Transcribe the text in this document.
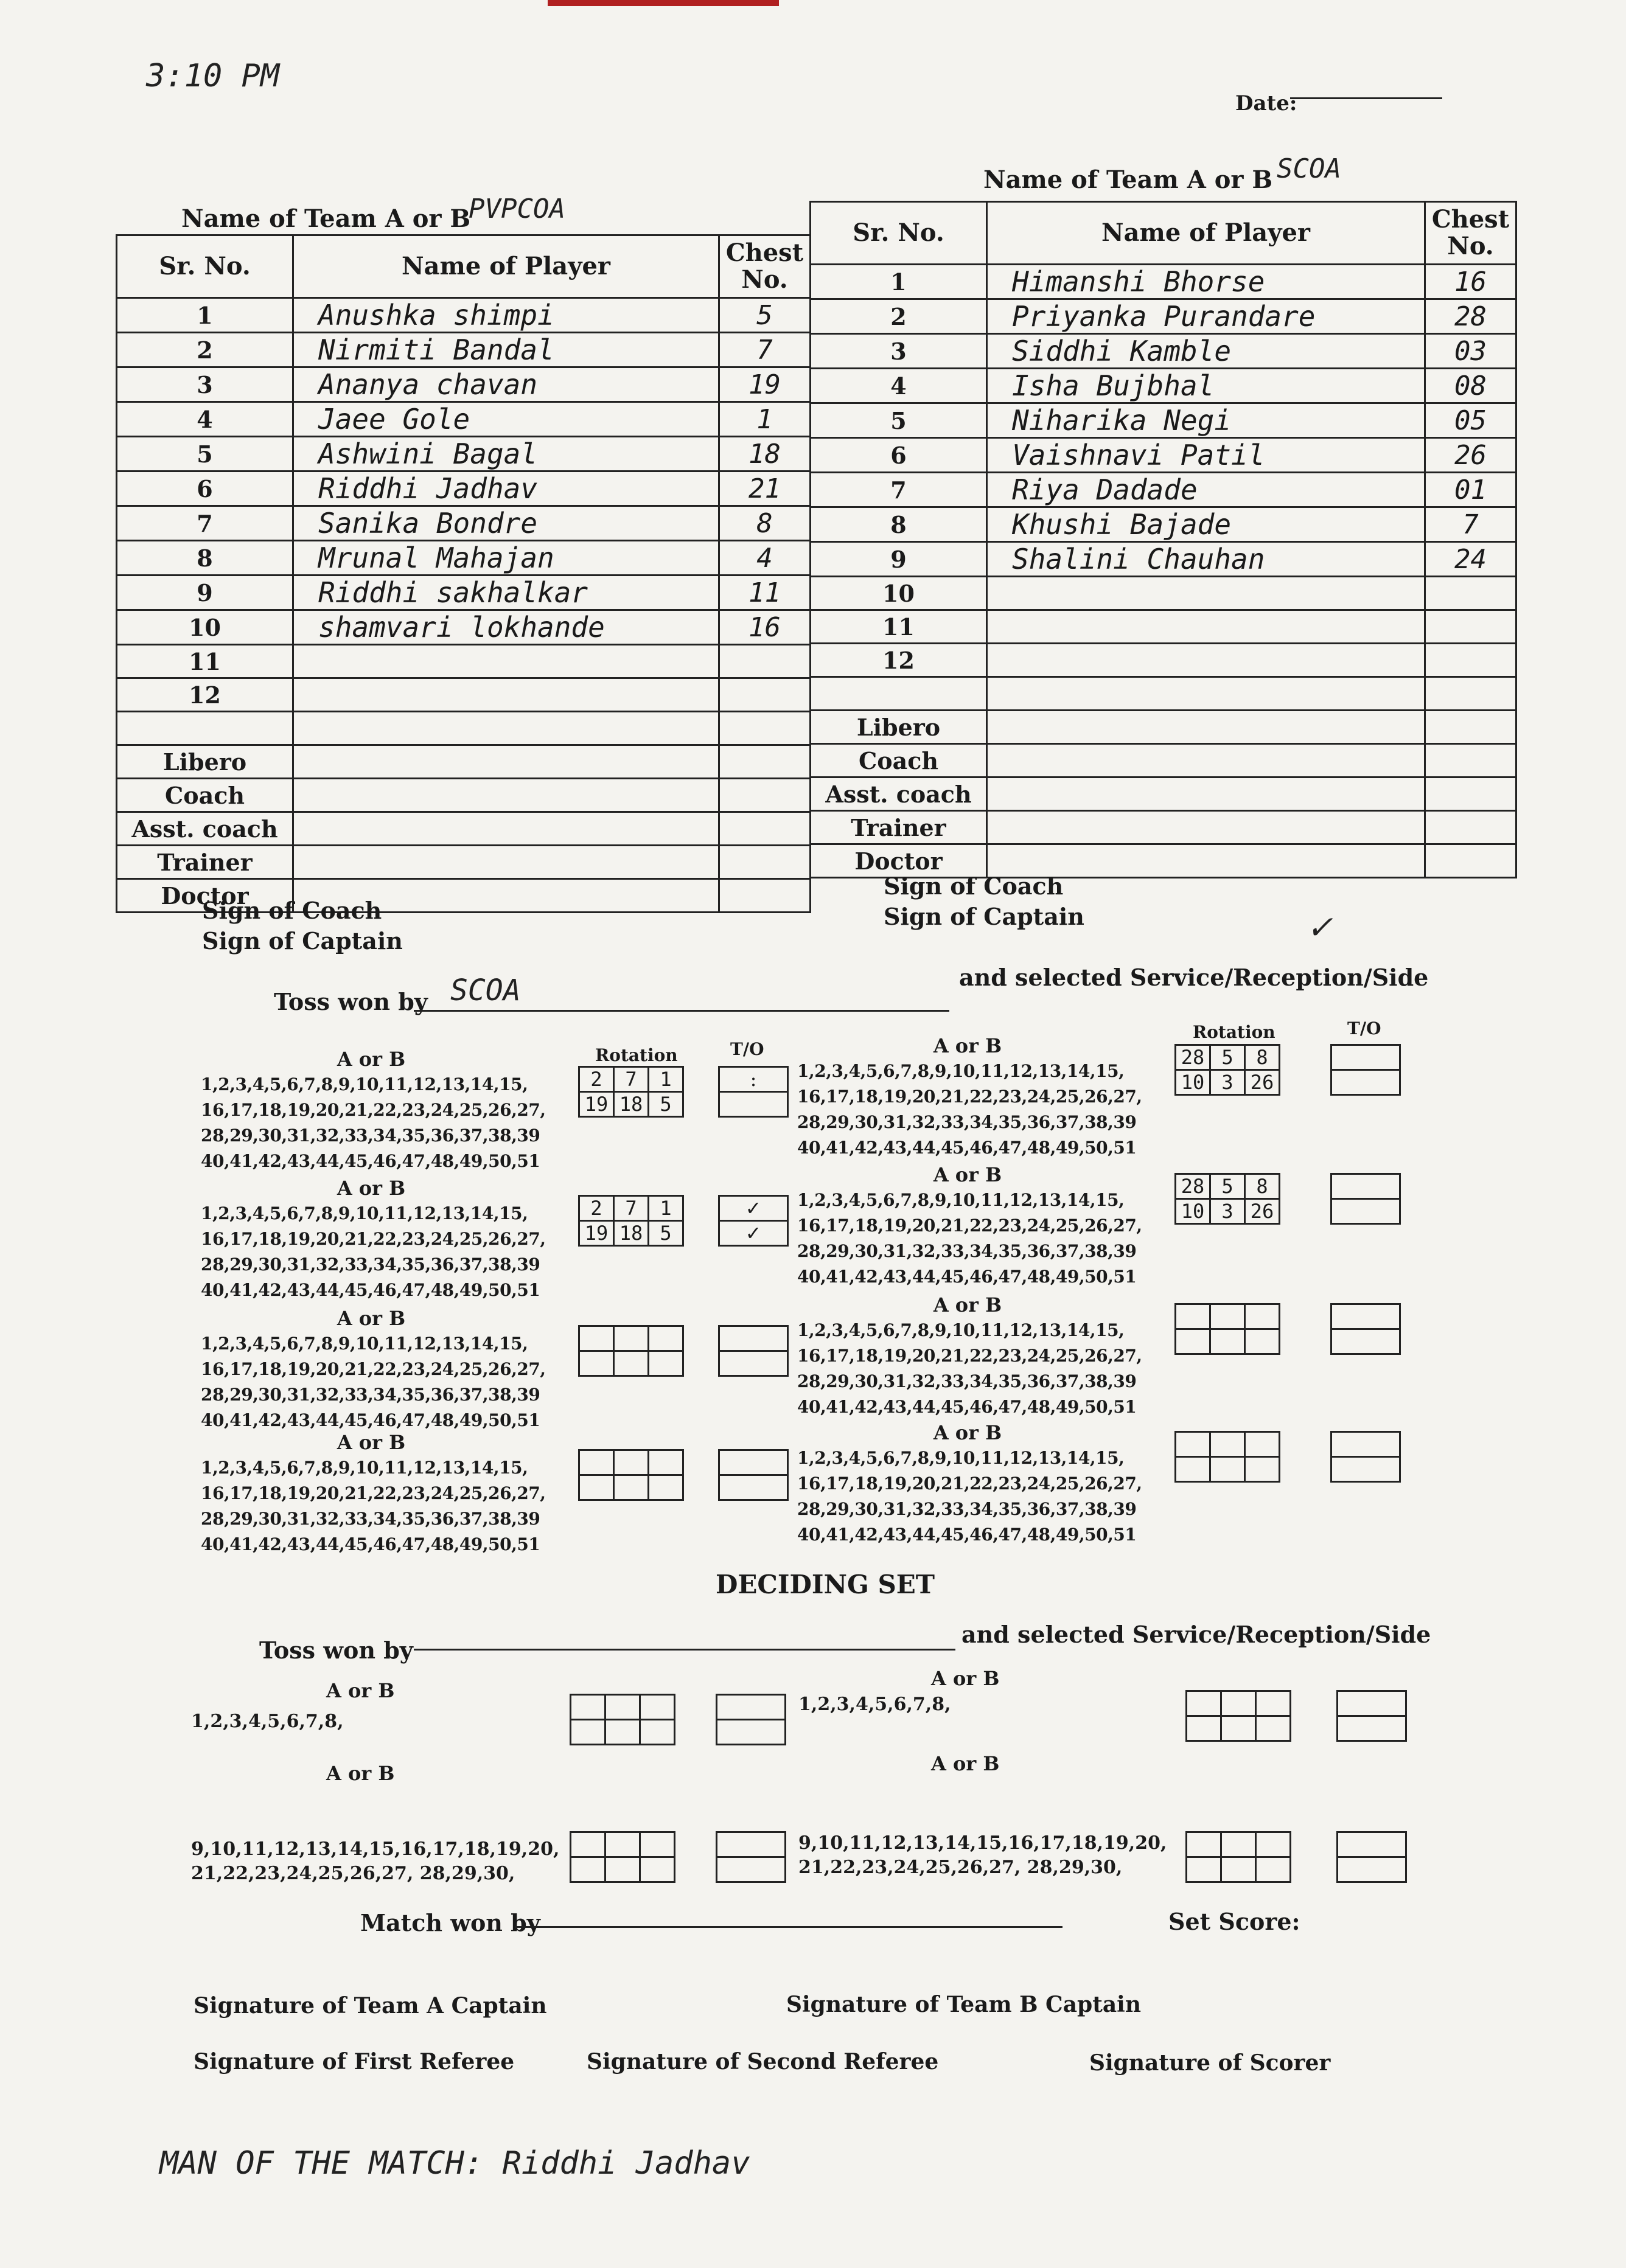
3:10 PM
Date:
Name of Team A or B
PVPCOA
Name of Team A or B SCOA
Sr. No.	Name of Player	Chest No.
1	Anushka shimpi	5
2	Nirmiti Bandal	7
3	Ananya chavan	19
4	Jaee Gole	1
5	Ashwini Bagal	18
6	Riddhi Jadhav	21
7	Sanika Bondre	8
8	Mrunal Mahajan	4
9	Riddhi sakhalkar	11
10	shamvari lokhande	16
11		
12		

Libero		
Coach		
Asst. coach		
Trainer		
Doctor		
Sr. No.	Name of Player	Chest No.
1	Himanshi Bhorse	16
2	Priyanka Purandare	28
3	Siddhi Kamble	03
4	Isha Bujbhal	08
5	Niharika Negi	05
6	Vaishnavi Patil	26
7	Riya Dadade	01
8	Khushi Bajade	7
9	Shalini Chauhan	24
10		
11		
12		

Libero		
Coach		
Asst. coach		
Trainer		
Doctor		
Sign of Coach
Sign of Captain
Sign of Coach
Sign of Captain
Toss won by SCOA	and selected Service/Reception/Side
✓
Rotation	T/O
Rotation	T/O
A or B
1,2,3,4,5,6,7,8,9,10,11,12,13,14,15, 16,17,18,19,20,21,22,23,24,25,26,27, 28,29,30,31,32,33,34,35,36,37,38,39 40,41,42,43,44,45,46,47,48,49,50,51
2	7	1
19	18	5
:

A or B
1,2,3,4,5,6,7,8,9,10,11,12,13,14,15, 16,17,18,19,20,21,22,23,24,25,26,27, 28,29,30,31,32,33,34,35,36,37,38,39 40,41,42,43,44,45,46,47,48,49,50,51
28	5	8
10	3	26

A or B
1,2,3,4,5,6,7,8,9,10,11,12,13,14,15, 16,17,18,19,20,21,22,23,24,25,26,27, 28,29,30,31,32,33,34,35,36,37,38,39 40,41,42,43,44,45,46,47,48,49,50,51
2	7	1
19	18	5
✓
✓
A or B
1,2,3,4,5,6,7,8,9,10,11,12,13,14,15, 16,17,18,19,20,21,22,23,24,25,26,27, 28,29,30,31,32,33,34,35,36,37,38,39 40,41,42,43,44,45,46,47,48,49,50,51
28	5	8
10	3	26

A or B
1,2,3,4,5,6,7,8,9,10,11,12,13,14,15, 16,17,18,19,20,21,22,23,24,25,26,27, 28,29,30,31,32,33,34,35,36,37,38,39 40,41,42,43,44,45,46,47,48,49,50,51

A or B
1,2,3,4,5,6,7,8,9,10,11,12,13,14,15, 16,17,18,19,20,21,22,23,24,25,26,27, 28,29,30,31,32,33,34,35,36,37,38,39 40,41,42,43,44,45,46,47,48,49,50,51

A or B
1,2,3,4,5,6,7,8,9,10,11,12,13,14,15, 16,17,18,19,20,21,22,23,24,25,26,27, 28,29,30,31,32,33,34,35,36,37,38,39 40,41,42,43,44,45,46,47,48,49,50,51

A or B
1,2,3,4,5,6,7,8,9,10,11,12,13,14,15, 16,17,18,19,20,21,22,23,24,25,26,27, 28,29,30,31,32,33,34,35,36,37,38,39 40,41,42,43,44,45,46,47,48,49,50,51

DECIDING SET
Toss won by
and selected Service/Reception/Side
A or B
1,2,3,4,5,6,7,8,
A or B
9,10,11,12,13,14,15,16,17,18,19,20, 21,22,23,24,25,26,27, 28,29,30,
A or B
1,2,3,4,5,6,7,8,
A or B
9,10,11,12,13,14,15,16,17,18,19,20, 21,22,23,24,25,26,27, 28,29,30,

Match won by	Set Score:
Signature of Team A Captain	Signature of Team B Captain
Signature of First Referee	Signature of Second Referee	Signature of Scorer
MAN OF THE MATCH: Riddhi Jadhav
